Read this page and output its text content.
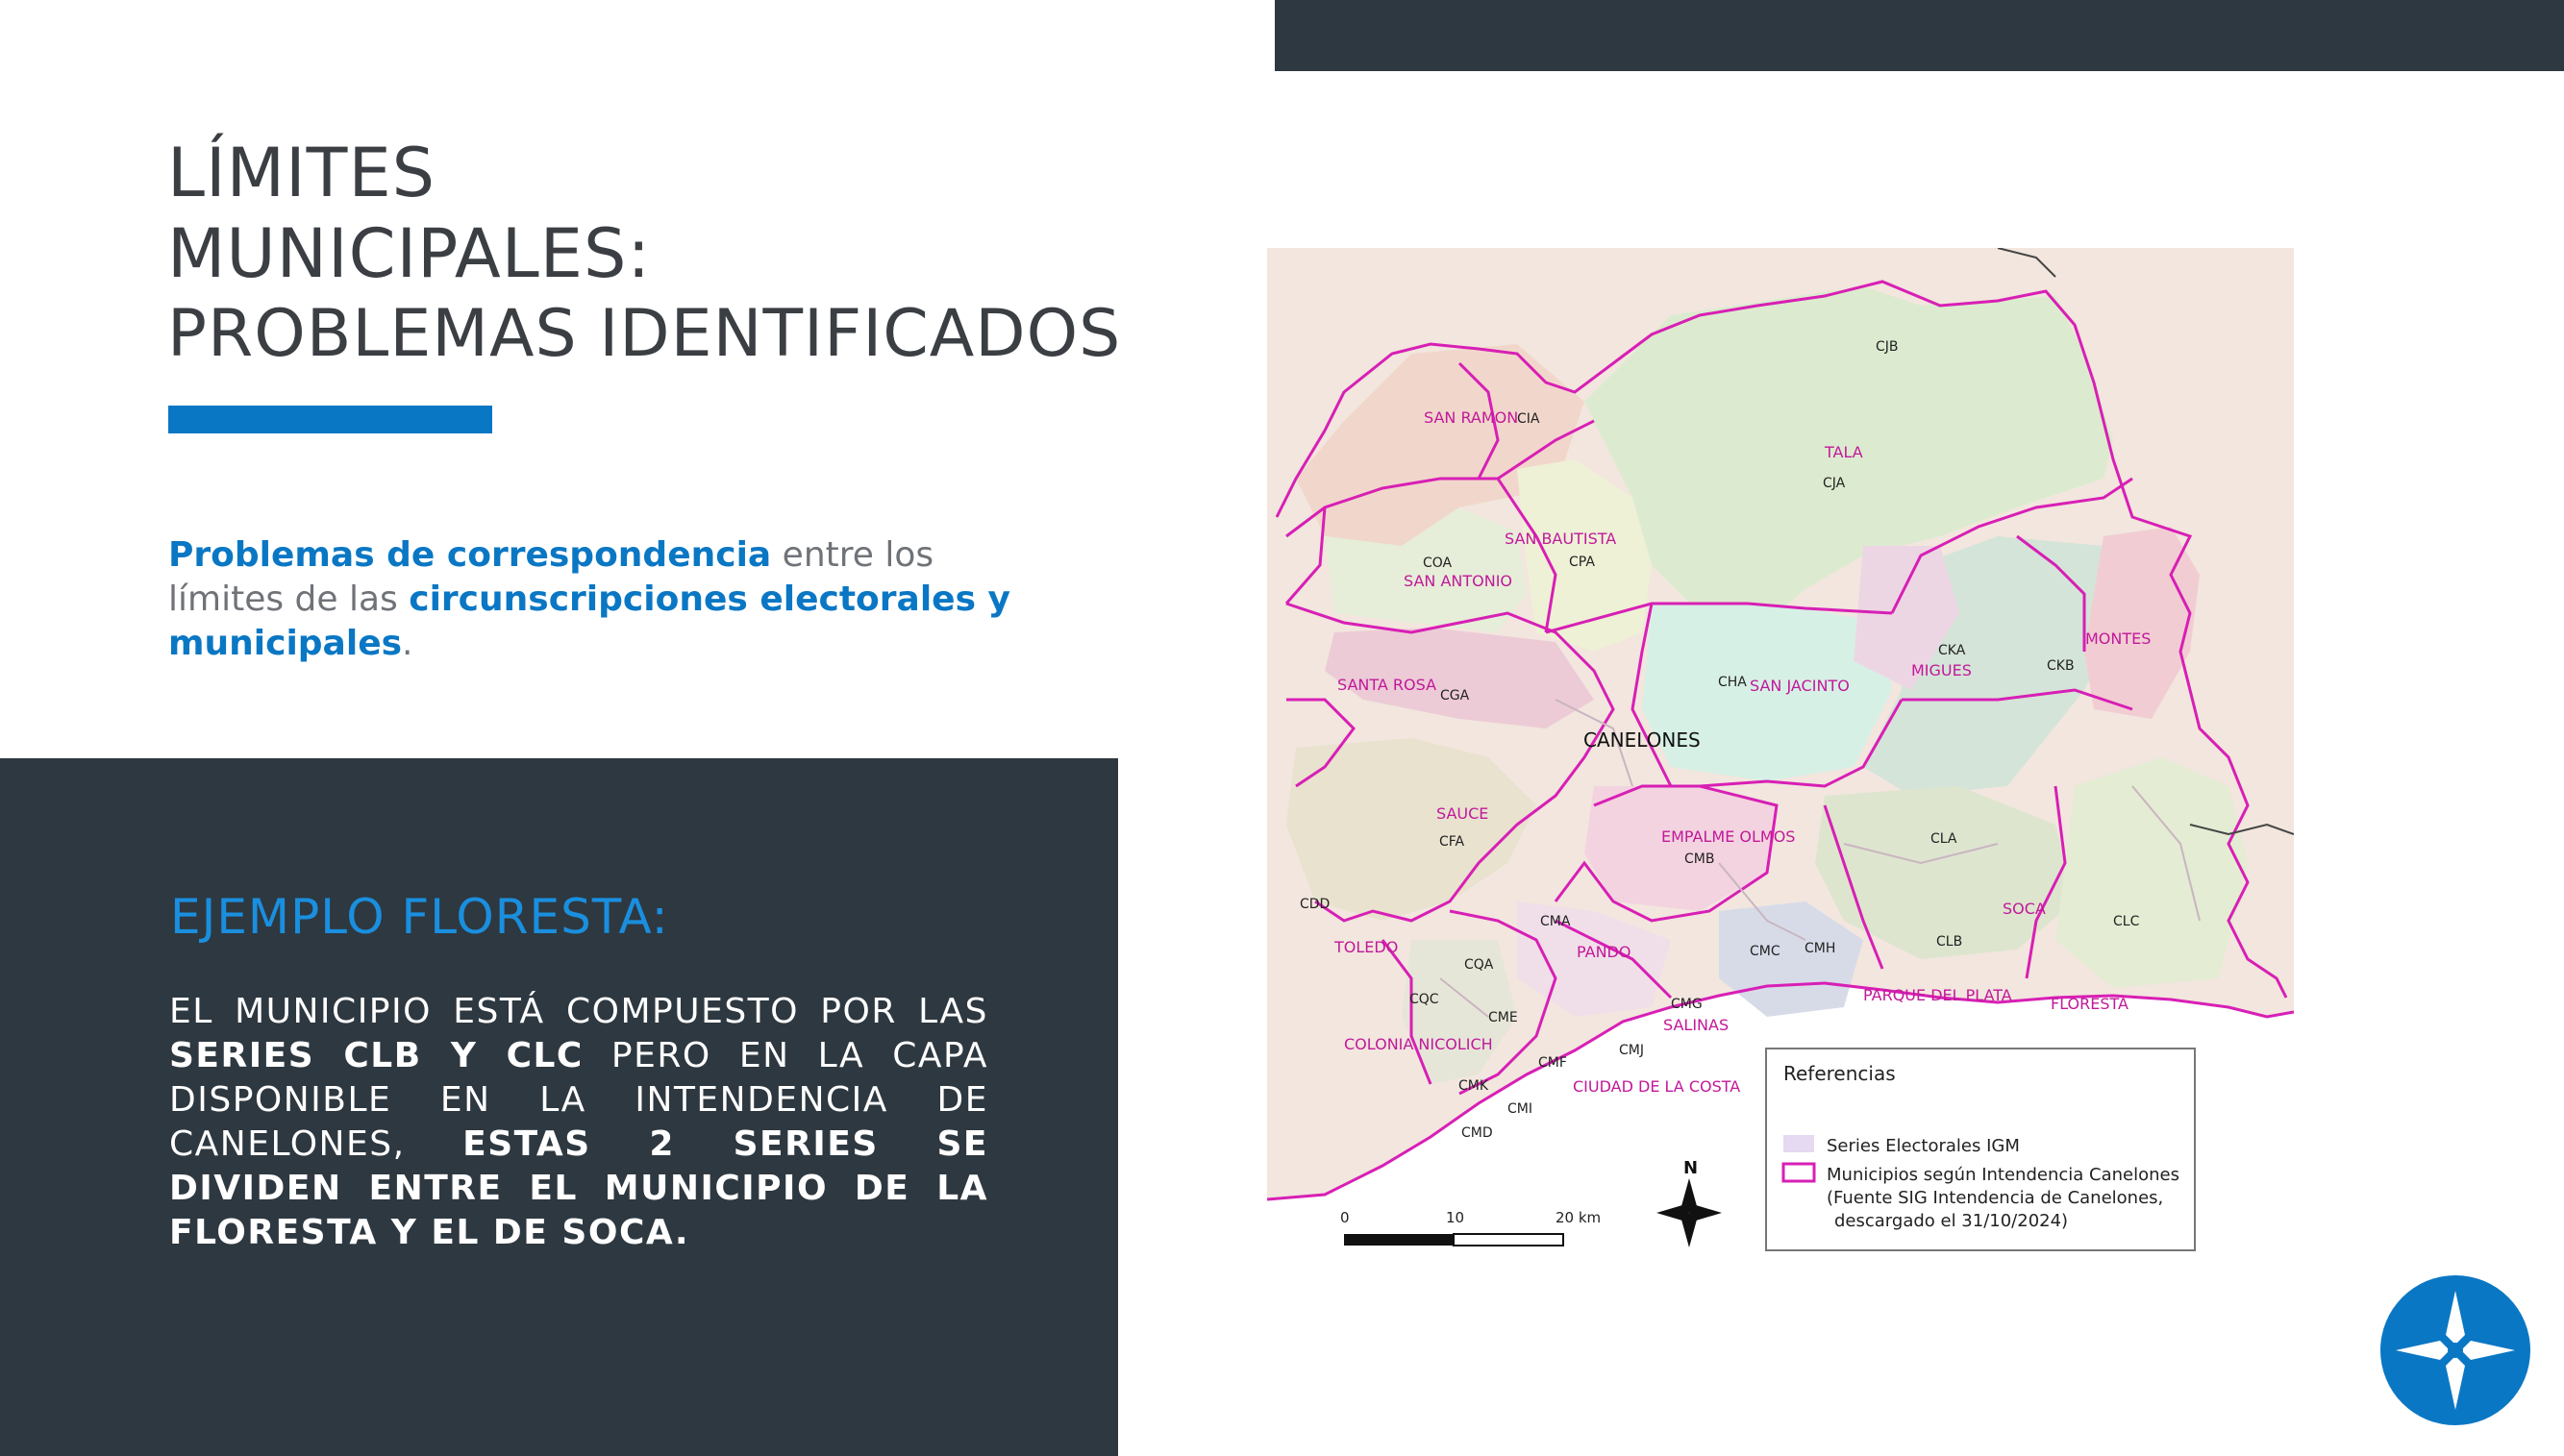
LÍMITES
MUNICIPALES:
PROBLEMAS IDENTIFICADOS
Problemas de correspondencia entre los límites de las circunscripciones electorales y municipales.
EJEMPLO FLORESTA:
EL MUNICIPIO ESTÁ COMPUESTO POR LAS SERIES CLB Y CLC PERO EN LA CAPA DISPONIBLE EN LA INTENDENCIA DE CANELONES, ESTAS 2 SERIES SE DIVIDEN ENTRE EL MUNICIPIO DE LA FLORESTA Y EL DE SOCA.
CANELONES
SAN RAMON
TALA
SAN BAUTISTA
SAN ANTONIO
SANTA ROSA	SAN JACINTO
MIGUES
MONTES
SAUCE
EMPALME OLMOS
SOCA
TOLEDO	PANDO
FLORESTA
PARQUE DEL PLATA
COLONIA NICOLICH
SALINAS
CIUDAD DE LA COSTA
CIA
CJB
CJA
COA	CPA
CGA
CHA
CKA
CKB
CFA	CLA
CMB
CDD
CMA
CQA
CMC CMH	CLB
CLC
CQC
CME
CMG
CMJ
CMF
CMK
CMI
CMD
Referencias
Series Electorales IGM
Municipios según Intendencia Canelones
(Fuente SIG Intendencia de Canelones,
descargado el 31/10/2024)
0	10	20 km
N
